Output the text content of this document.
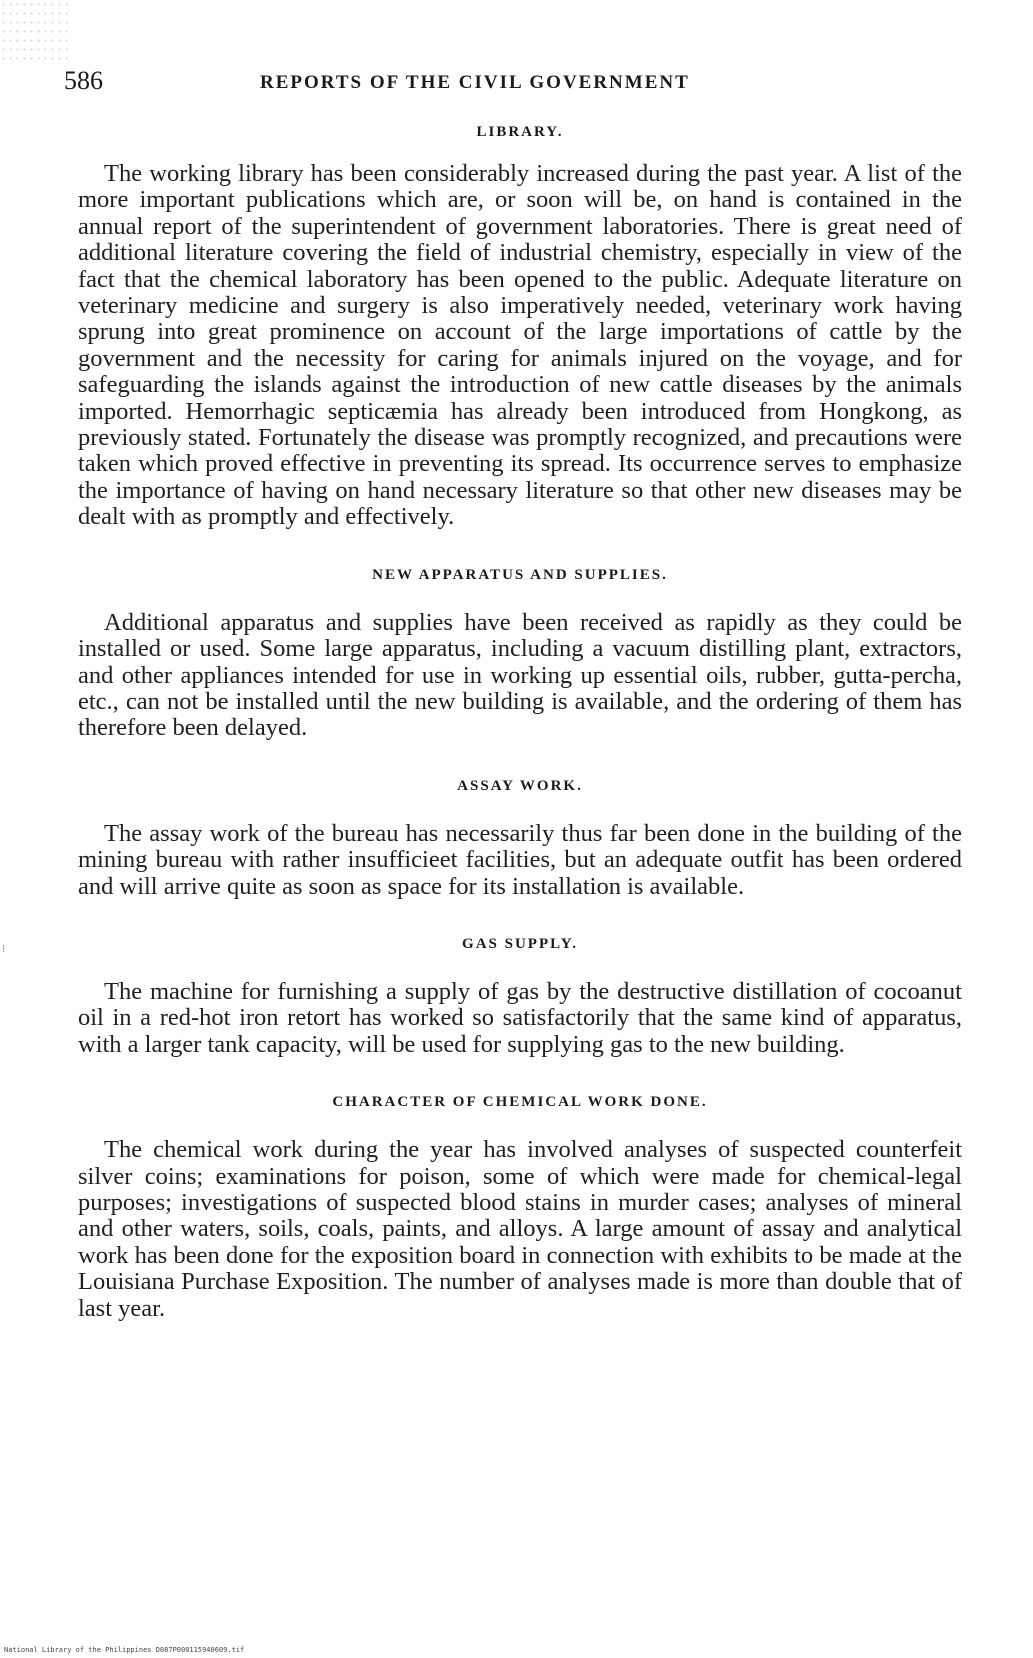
586	REPORTS OF THE CIVIL GOVERNMENT
LIBRARY.

The working library has been considerably increased during the past year. A list of the more important publications which are, or soon will be, on hand is contained in the annual report of the superintendent of government laboratories. There is great need of additional literature covering the field of industrial chemistry, especially in view of the fact that the chemical laboratory has been opened to the public. Adequate literature on veterinary medicine and surgery is also imperatively needed, veterinary work having sprung into great prominence on account of the large importations of cattle by the government and the necessity for caring for animals injured on the voyage, and for safeguarding the islands against the introduction of new cattle diseases by the animals imported. Hemorrhagic septicæmia has already been introduced from Hongkong, as previously stated. Fortunately the disease was promptly recognized, and precautions were taken which proved effective in preventing its spread. Its occurrence serves to emphasize the importance of having on hand necessary literature so that other new diseases may be dealt with as promptly and effectively.

NEW APPARATUS AND SUPPLIES.

Additional apparatus and supplies have been received as rapidly as they could be installed or used. Some large apparatus, including a vacuum distilling plant, extractors, and other appliances intended for use in working up essential oils, rubber, gutta-percha, etc., can not be installed until the new building is available, and the ordering of them has therefore been delayed.

ASSAY WORK.

The assay work of the bureau has necessarily thus far been done in the building of the mining bureau with rather insufficieet facilities, but an adequate outfit has been ordered and will arrive quite as soon as space for its installation is available.

GAS SUPPLY.

The machine for furnishing a supply of gas by the destructive distillation of cocoanut oil in a red-hot iron retort has worked so satisfactorily that the same kind of apparatus, with a larger tank capacity, will be used for supplying gas to the new building.

CHARACTER OF CHEMICAL WORK DONE.

The chemical work during the year has involved analyses of suspected counterfeit silver coins; examinations for poison, some of which were made for chemical-legal purposes; investigations of suspected blood stains in murder cases; analyses of mineral and other waters, soils, coals, paints, and alloys. A large amount of assay and analytical work has been done for the exposition board in connection with exhibits to be made at the Louisiana Purchase Exposition. The number of analyses made is more than double that of last year.

⁝
National Library of the Philippines D087P000115940609.tif
